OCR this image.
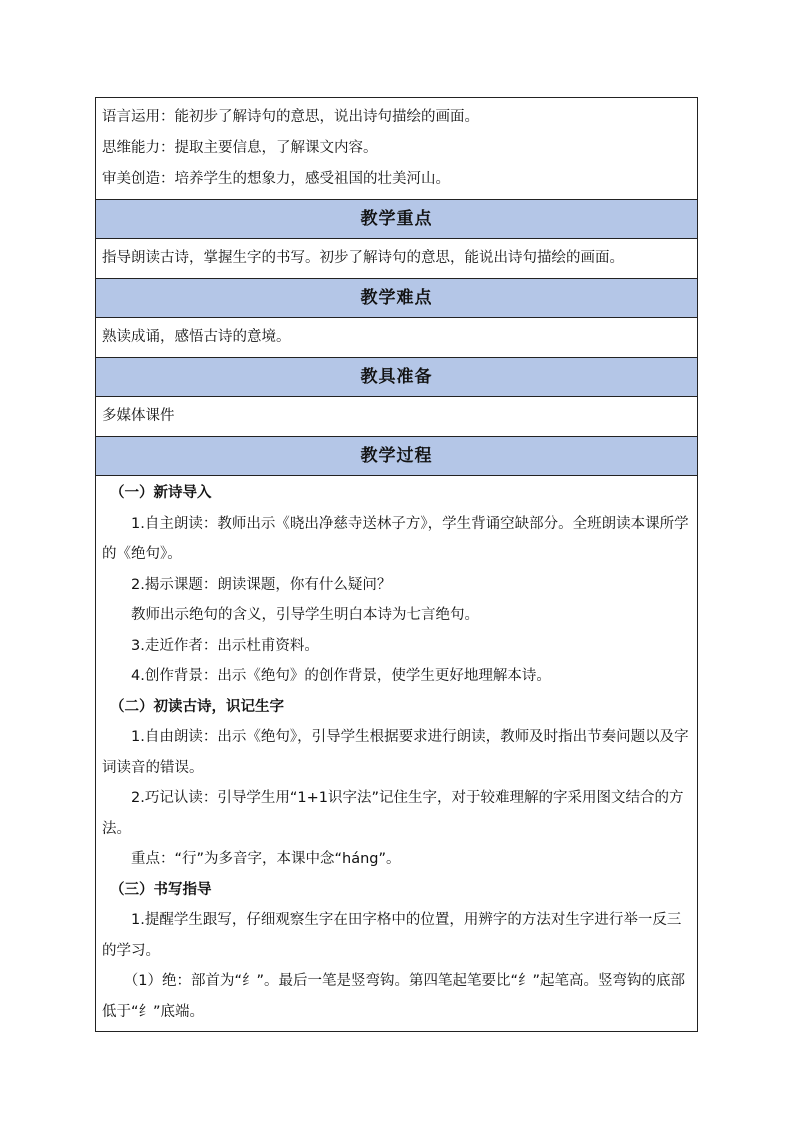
语言运用：能初步了解诗句的意思，说出诗句描绘的画面。

思维能力：提取主要信息，了解课文内容。

审美创造：培养学生的想象力，感受祖国的壮美河山。

教学重点

指导朗读古诗，掌握生字的书写。初步了解诗句的意思，能说出诗句描绘的画面。

教学难点

熟读成诵，感悟古诗的意境。

教具准备

多媒体课件

教学过程

（一）新诗导入

1.自主朗读：教师出示《晓出净慈寺送林子方》，学生背诵空缺部分。全班朗读本课所学的《绝句》。

2.揭示课题：朗读课题，你有什么疑问？

教师出示绝句的含义，引导学生明白本诗为七言绝句。

3.走近作者：出示杜甫资料。

4.创作背景：出示《绝句》的创作背景，使学生更好地理解本诗。

（二）初读古诗，识记生字

1.自由朗读：出示《绝句》，引导学生根据要求进行朗读，教师及时指出节奏问题以及字词读音的错误。

2.巧记认读：引导学生用“1+1识字法”记住生字，对于较难理解的字采用图文结合的方法。

重点：“行”为多音字，本课中念“háng”。

（三）书写指导

1.提醒学生跟写，仔细观察生字在田字格中的位置，用辨字的方法对生字进行举一反三的学习。

（1）绝：部首为“纟”。最后一笔是竖弯钩。第四笔起笔要比“纟”起笔高。竖弯钩的底部低于“纟”底端。
